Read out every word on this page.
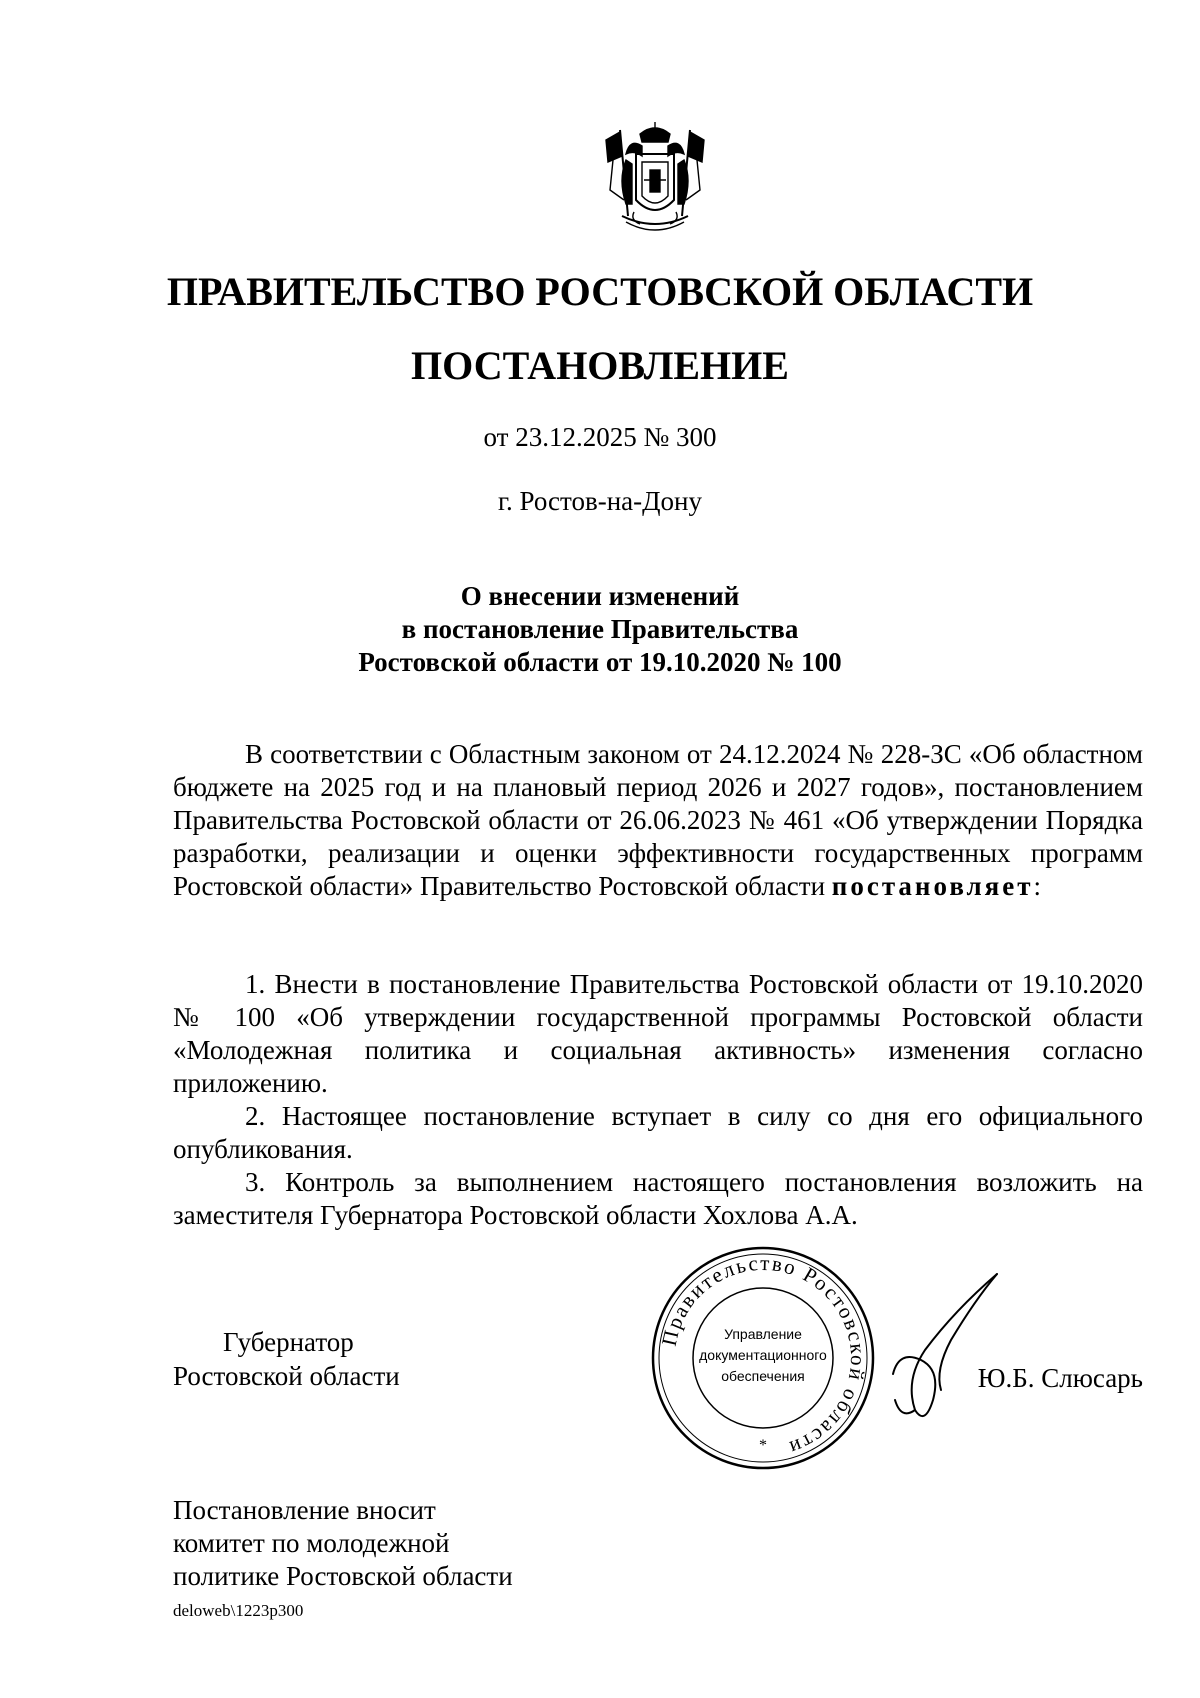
ПРАВИТЕЛЬСТВО РОСТОВСКОЙ ОБЛАСТИ
ПОСТАНОВЛЕНИЕ
от 23.12.2025 № 300
г. Ростов-на-Дону
О внесении изменений
в постановление Правительства
Ростовской области от 19.10.2020 № 100

В соответствии с Областным законом от 24.12.2024 № 228-ЗС «Об областном бюджете на 2025 год и на плановый период 2026 и 2027 годов», постановлением Правительства Ростовской области от 26.06.2023 № 461 «Об утверждении Порядка разработки, реализации и оценки эффективности государственных программ Ростовской области» Правительство Ростовской области постановляет:

1. Внести в постановление Правительства Ростовской области от 19.10.2020 № 100 «Об утверждении государственной программы Ростовской области «Молодежная политика и социальная активность» изменения согласно приложению.

2. Настоящее постановление вступает в силу со дня его официального опубликования.

3. Контроль за выполнением настоящего постановления возложить на заместителя Губернатора Ростовской области Хохлова А.А.

Губернатор
Ростовской области
Правительство Ростовской области
Управление
документационного
обеспечения
*
Ю.Б. Слюсарь
Постановление вносит
комитет по молодежной
политике Ростовской области
deloweb\1223p300
